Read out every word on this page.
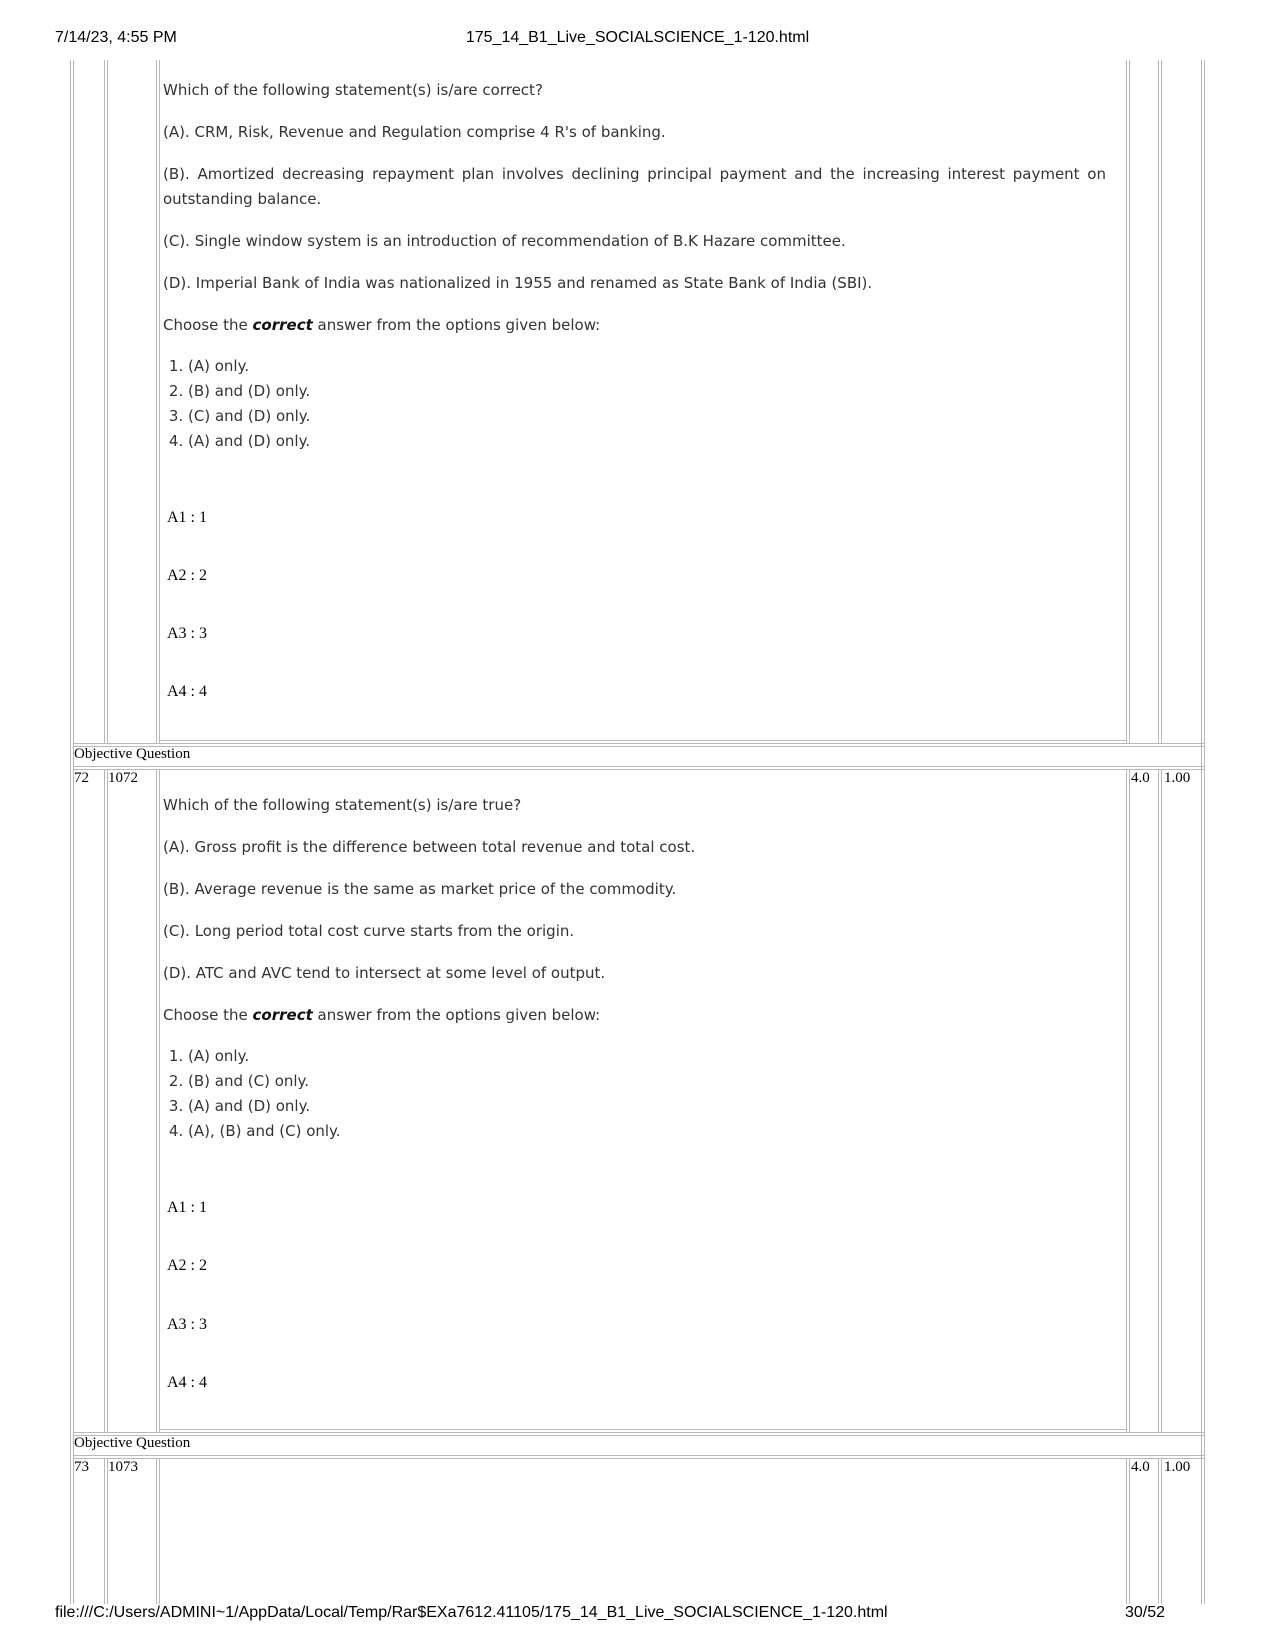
7/14/23, 4:55 PM	175_14_B1_Live_SOCIALSCIENCE_1-120.html

Which of the following statement(s) is/are correct?

(A). CRM, Risk, Revenue and Regulation comprise 4 R's of banking.

(B). Amortized decreasing repayment plan involves declining principal payment and the increasing interest payment on outstanding balance.

(C). Single window system is an introduction of recommendation of B.K Hazare committee.

(D). Imperial Bank of India was nationalized in 1955 and renamed as State Bank of India (SBI).

Choose the correct answer from the options given below:

1. (A) only.
2. (B) and (D) only.
3. (C) and (D) only.
4. (A) and (D) only.
A1 : 1
A2 : 2
A3 : 3
A4 : 4
Objective Question
72 1072	4.0 1.00

Which of the following statement(s) is/are true?

(A). Gross profit is the difference between total revenue and total cost.

(B). Average revenue is the same as market price of the commodity.

(C). Long period total cost curve starts from the origin.

(D). ATC and AVC tend to intersect at some level of output.

Choose the correct answer from the options given below:

1. (A) only.
2. (B) and (C) only.
3. (A) and (D) only.
4. (A), (B) and (C) only.
A1 : 1
A2 : 2
A3 : 3
A4 : 4
Objective Question
73 1073	4.0 1.00
file:///C:/Users/ADMINI~1/AppData/Local/Temp/Rar$EXa7612.41105/175_14_B1_Live_SOCIALSCIENCE_1-120.html	30/52
